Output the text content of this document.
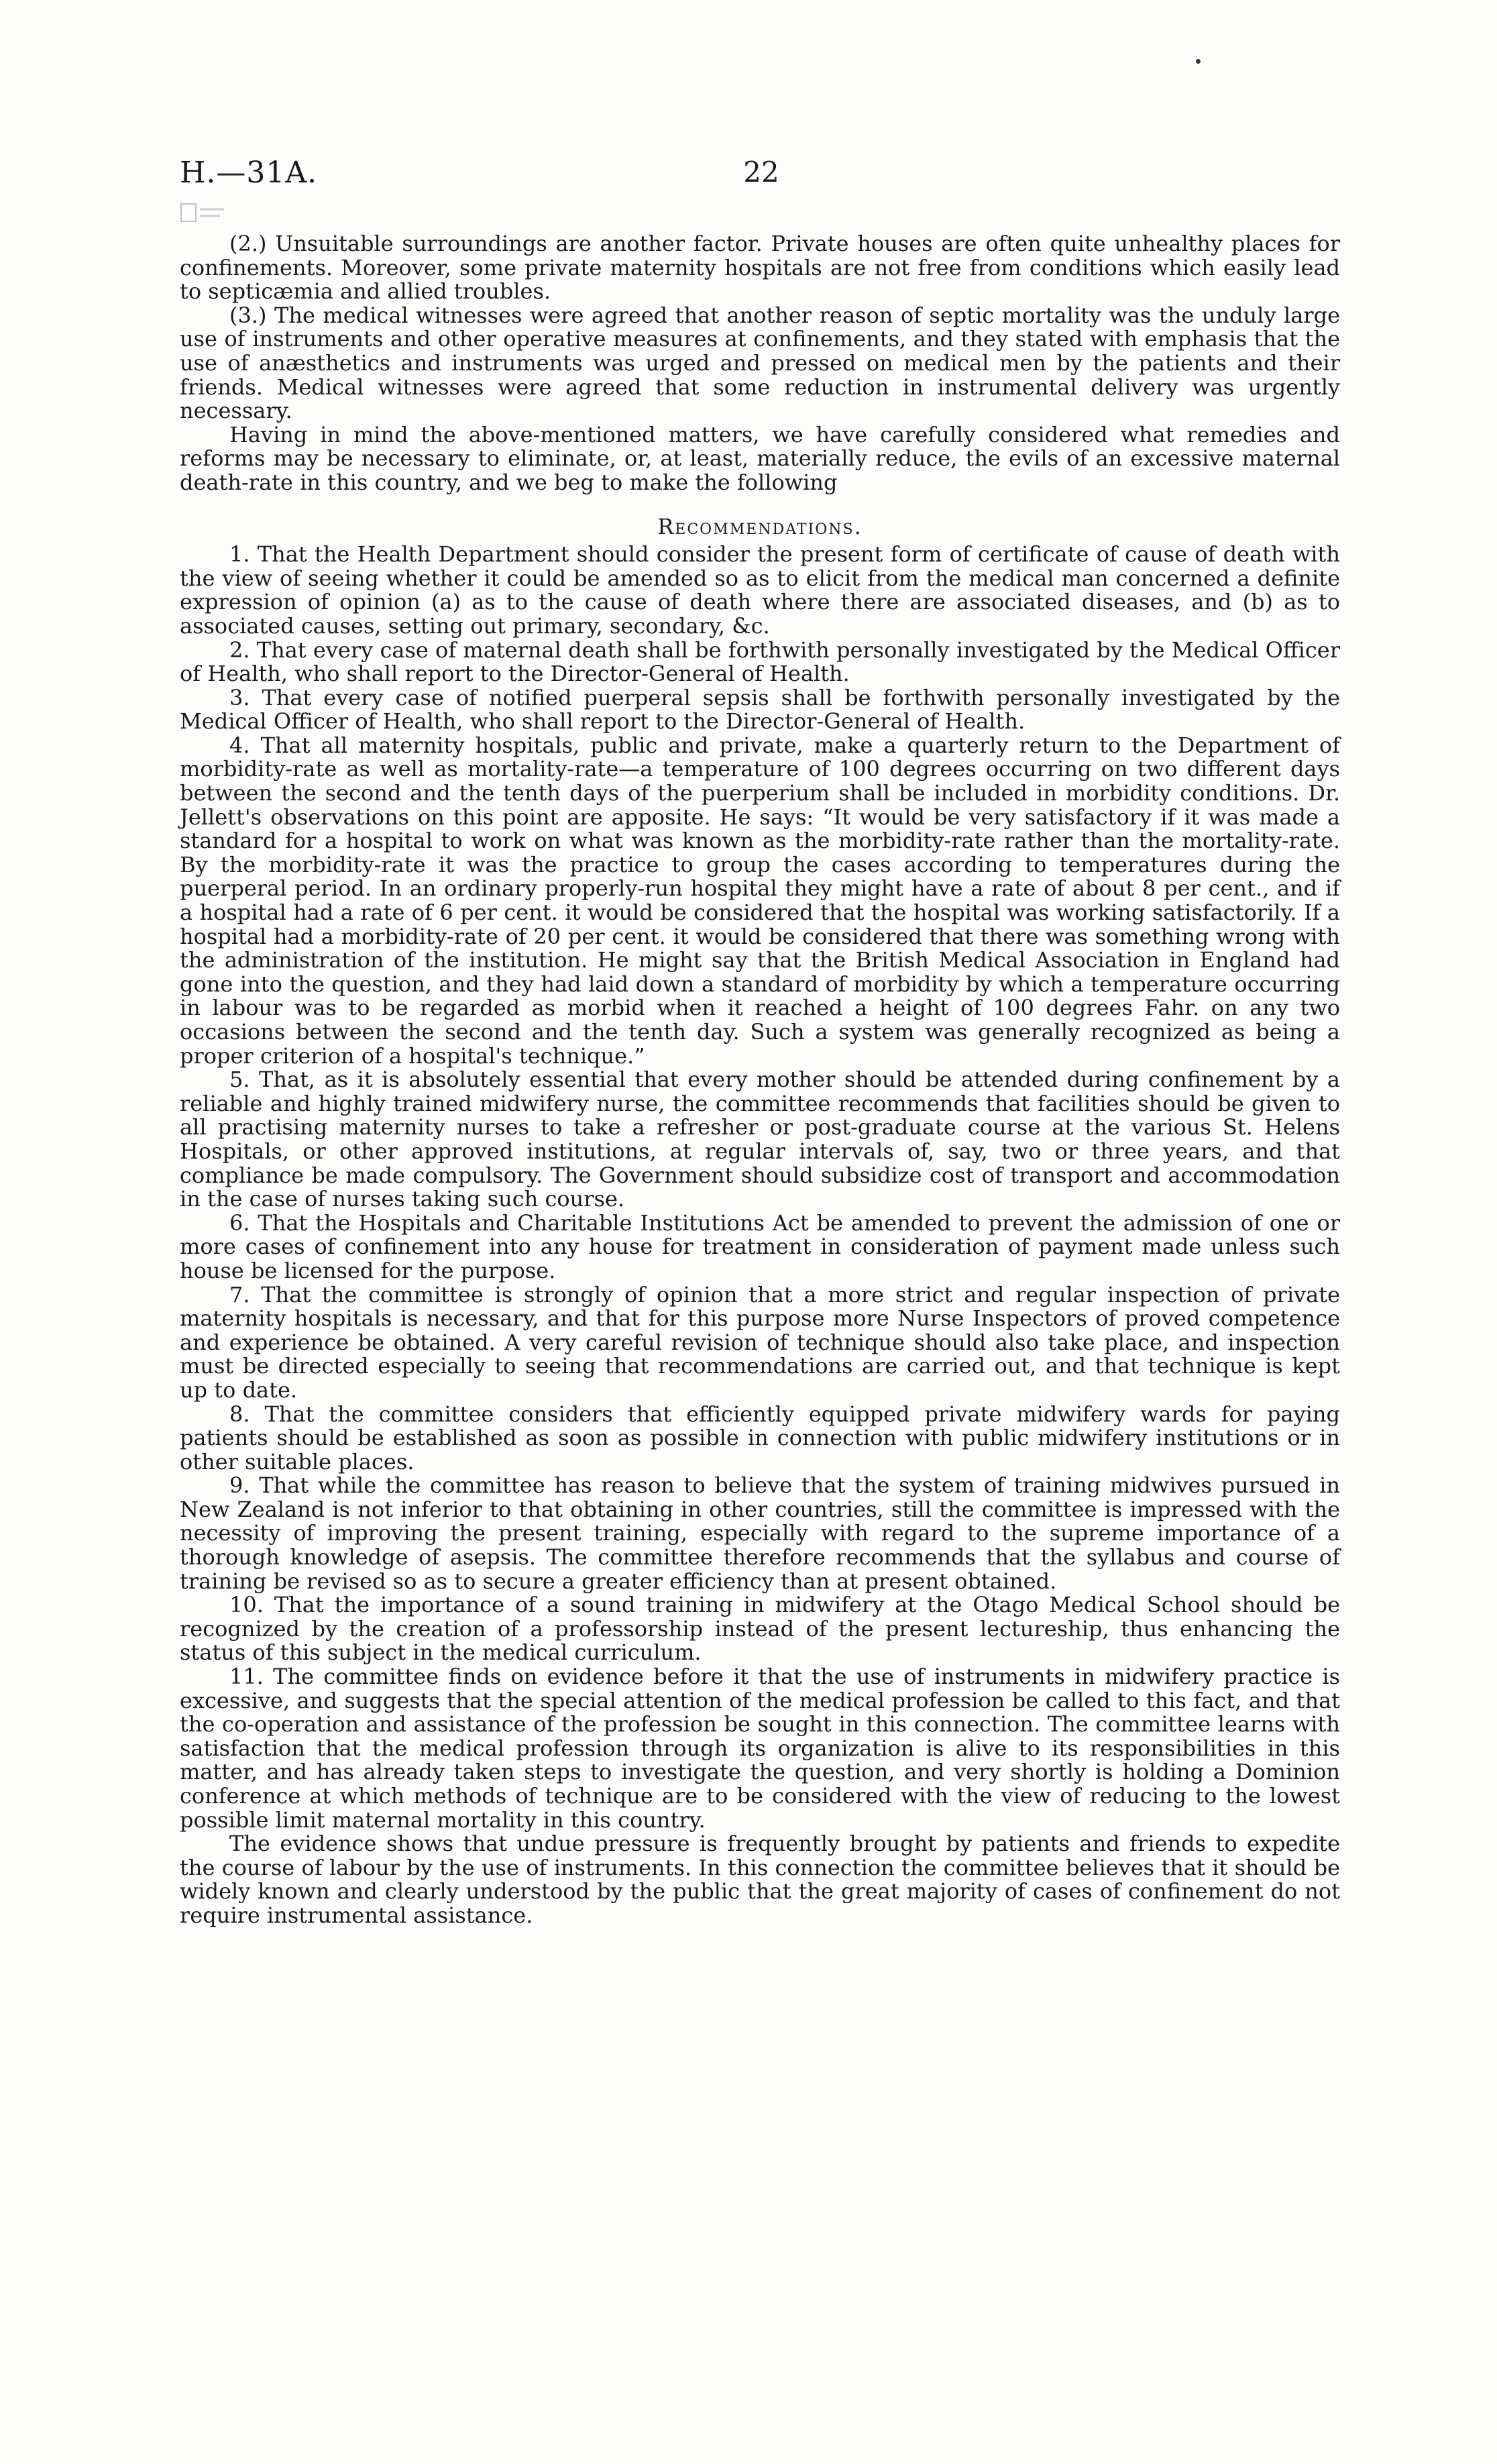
H.—31A.	22

(2.) Unsuitable surroundings are another factor. Private houses are often quite unhealthy places for confinements. Moreover, some private maternity hospitals are not free from conditions which easily lead to septicæmia and allied troubles.

(3.) The medical witnesses were agreed that another reason of septic mortality was the unduly large use of instruments and other operative measures at confinements, and they stated with emphasis that the use of anæsthetics and instruments was urged and pressed on medical men by the patients and their friends. Medical witnesses were agreed that some reduction in instrumental delivery was urgently necessary.

Having in mind the above-mentioned matters, we have carefully considered what remedies and reforms may be necessary to eliminate, or, at least, materially reduce, the evils of an excessive maternal death-rate in this country, and we beg to make the following

Recommendations.

1. That the Health Department should consider the present form of certificate of cause of death with the view of seeing whether it could be amended so as to elicit from the medical man concerned a definite expression of opinion (a) as to the cause of death where there are associated diseases, and (b) as to associated causes, setting out primary, secondary, &c.

2. That every case of maternal death shall be forthwith personally investigated by the Medical Officer of Health, who shall report to the Director-General of Health.

3. That every case of notified puerperal sepsis shall be forthwith personally investigated by the Medical Officer of Health, who shall report to the Director-General of Health.

4. That all maternity hospitals, public and private, make a quarterly return to the Department of morbidity-rate as well as mortality-rate—a temperature of 100 degrees occurring on two different days between the second and the tenth days of the puerperium shall be included in morbidity conditions. Dr. Jellett's observations on this point are apposite. He says: “It would be very satisfactory if it was made a standard for a hospital to work on what was known as the morbidity-rate rather than the mortality-rate. By the morbidity-rate it was the practice to group the cases according to temperatures during the puerperal period. In an ordinary properly-run hospital they might have a rate of about 8 per cent., and if a hospital had a rate of 6 per cent. it would be considered that the hospital was working satisfactorily. If a hospital had a morbidity-rate of 20 per cent. it would be considered that there was something wrong with the administration of the institution. He might say that the British Medical Association in England had gone into the question, and they had laid down a standard of morbidity by which a temperature occurring in labour was to be regarded as morbid when it reached a height of 100 degrees Fahr. on any two occasions between the second and the tenth day. Such a system was generally recognized as being a proper criterion of a hospital's technique.”

5. That, as it is absolutely essential that every mother should be attended during confinement by a reliable and highly trained midwifery nurse, the committee recommends that facilities should be given to all practising maternity nurses to take a refresher or post-graduate course at the various St. Helens Hospitals, or other approved institutions, at regular intervals of, say, two or three years, and that compliance be made compulsory. The Government should subsidize cost of transport and accommodation in the case of nurses taking such course.

6. That the Hospitals and Charitable Institutions Act be amended to prevent the admission of one or more cases of confinement into any house for treatment in consideration of payment made unless such house be licensed for the purpose.

7. That the committee is strongly of opinion that a more strict and regular inspection of private maternity hospitals is necessary, and that for this purpose more Nurse Inspectors of proved competence and experience be obtained. A very careful revision of technique should also take place, and inspection must be directed especially to seeing that recommendations are carried out, and that technique is kept up to date.

8. That the committee considers that efficiently equipped private midwifery wards for paying patients should be established as soon as possible in connection with public midwifery institutions or in other suitable places.

9. That while the committee has reason to believe that the system of training midwives pursued in New Zealand is not inferior to that obtaining in other countries, still the committee is impressed with the necessity of improving the present training, especially with regard to the supreme importance of a thorough knowledge of asepsis. The committee therefore recommends that the syllabus and course of training be revised so as to secure a greater efficiency than at present obtained.

10. That the importance of a sound training in midwifery at the Otago Medical School should be recognized by the creation of a professorship instead of the present lectureship, thus enhancing the status of this subject in the medical curriculum.

11. The committee finds on evidence before it that the use of instruments in midwifery practice is excessive, and suggests that the special attention of the medical profession be called to this fact, and that the co-operation and assistance of the profession be sought in this connection. The committee learns with satisfaction that the medical profession through its organization is alive to its responsibilities in this matter, and has already taken steps to investigate the question, and very shortly is holding a Dominion conference at which methods of technique are to be considered with the view of reducing to the lowest possible limit maternal mortality in this country.

The evidence shows that undue pressure is frequently brought by patients and friends to expedite the course of labour by the use of instruments. In this connection the committee believes that it should be widely known and clearly understood by the public that the great majority of cases of confinement do not require instrumental assistance.
